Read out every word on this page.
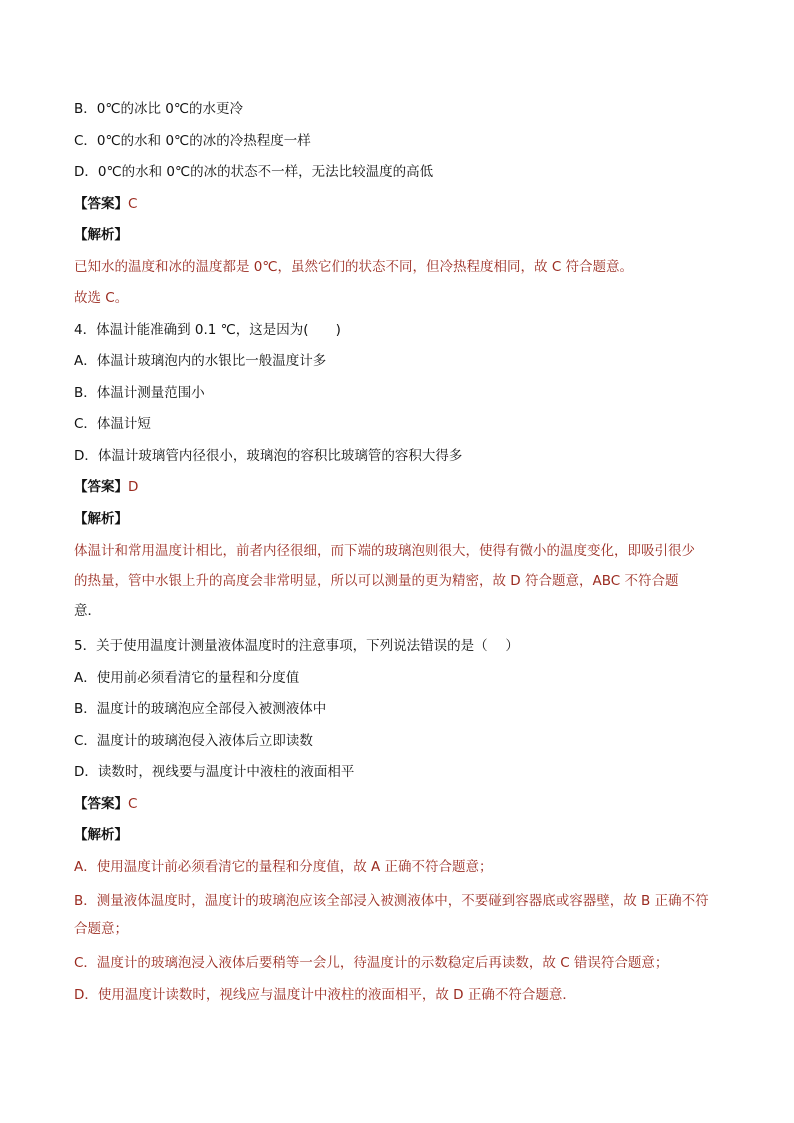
B．0℃的冰比 0℃的水更冷

C．0℃的水和 0℃的冰的冷热程度一样

D．0℃的水和 0℃的冰的状态不一样，无法比较温度的高低

【答案】C

【解析】

已知水的温度和冰的温度都是 0℃，虽然它们的状态不同，但冷热程度相同，故 C 符合题意。

故选 C。

4．体温计能准确到 0.1 ℃，这是因为(　　)

A．体温计玻璃泡内的水银比一般温度计多

B．体温计测量范围小

C．体温计短

D．体温计玻璃管内径很小，玻璃泡的容积比玻璃管的容积大得多

【答案】D

【解析】

体温计和常用温度计相比，前者内径很细，而下端的玻璃泡则很大，使得有微小的温度变化，即吸引很少

的热量，管中水银上升的高度会非常明显，所以可以测量的更为精密，故 D 符合题意，ABC 不符合题

意．

5．关于使用温度计测量液体温度时的注意事项，下列说法错误的是（　 ）

A．使用前必须看清它的量程和分度值

B．温度计的玻璃泡应全部侵入被测液体中

C．温度计的玻璃泡侵入液体后立即读数

D．读数时，视线要与温度计中液柱的液面相平

【答案】C

【解析】

A．使用温度计前必须看清它的量程和分度值，故 A 正确不符合题意；

B．测量液体温度时，温度计的玻璃泡应该全部浸入被测液体中，不要碰到容器底或容器壁，故 B 正确不符

合题意；

C．温度计的玻璃泡浸入液体后要稍等一会儿，待温度计的示数稳定后再读数，故 C 错误符合题意；

D．使用温度计读数时，视线应与温度计中液柱的液面相平，故 D 正确不符合题意．
